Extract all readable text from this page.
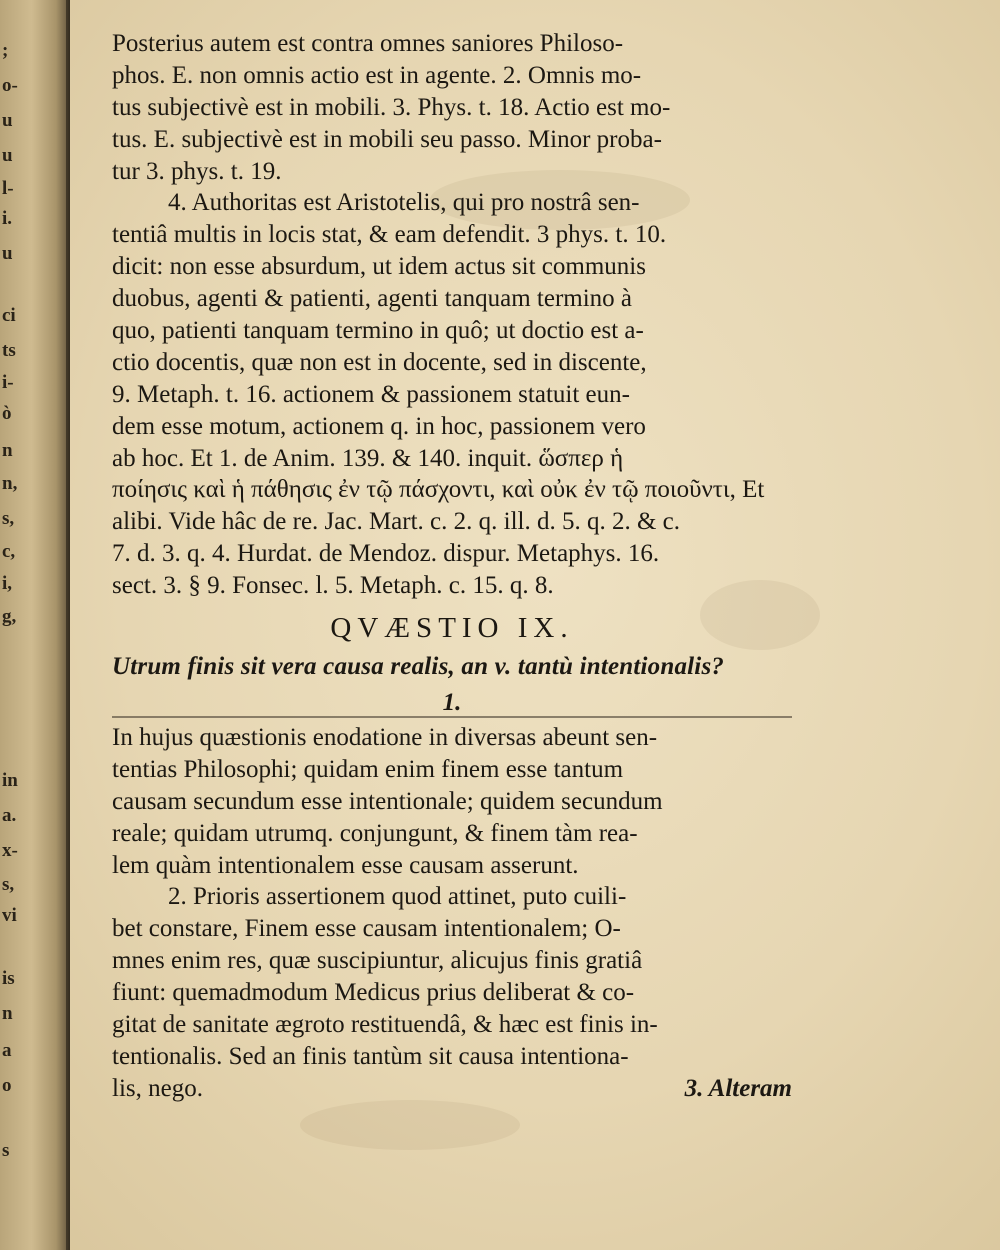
;
o-
u
u
l-
i.
u
ci
ts
i-
ò
n
n,
s,
c,
i,
g,
in
a.
x-
s,
vi
is
n
a
o
s
Posterius autem est contra omnes saniores Philoso-
phos. E. non omnis actio est in agente. 2. Omnis mo-
tus subjectivè est in mobili. 3. Phys. t. 18. Actio est mo-
tus. E. subjectivè est in mobili seu passo. Minor proba-
tur 3. phys. t. 19.
4. Authoritas est Aristotelis, qui pro nostrâ sen-
tentiâ multis in locis stat, & eam defendit. 3 phys. t. 10.
dicit: non esse absurdum, ut idem actus sit communis
duobus, agenti & patienti, agenti tanquam termino à
quo, patienti tanquam termino in quô; ut doctio est a-
ctio docentis, quæ non est in docente, sed in discente,
9. Metaph. t. 16. actionem & passionem statuit eun-
dem esse motum, actionem q. in hoc, passionem vero
ab hoc. Et 1. de Anim. 139. & 140. inquit. ὥσπερ ἡ
ποίησις καὶ ἡ πάθησις ἐν τῷ πάσχοντι, καὶ οὐκ ἐν τῷ ποιοῦντι, Et
alibi. Vide hâc de re. Jac. Mart. c. 2. q. ill. d. 5. q. 2. & c.
7. d. 3. q. 4. Hurdat. de Mendoz. dispur. Metaphys. 16.
sect. 3. § 9. Fonsec. l. 5. Metaph. c. 15. q. 8.
QVÆSTIO IX.
Utrum finis sit vera causa realis, an v. tantù intentionalis?
1.
In hujus quæstionis enodatione in diversas abeunt sen-
tentias Philosophi; quidam enim finem esse tantum
causam secundum esse intentionale; quidem secundum
reale; quidam utrumq. conjungunt, & finem tàm rea-
lem quàm intentionalem esse causam asserunt.
2. Prioris assertionem quod attinet, puto cuili-
bet constare, Finem esse causam intentionalem; O-
mnes enim res, quæ suscipiuntur, alicujus finis gratiâ
fiunt: quemadmodum Medicus prius deliberat & co-
gitat de sanitate ægroto restituendâ, & hæc est finis in-
tentionalis. Sed an finis tantùm sit causa intentiona-
lis, nego.	3. Alteram
